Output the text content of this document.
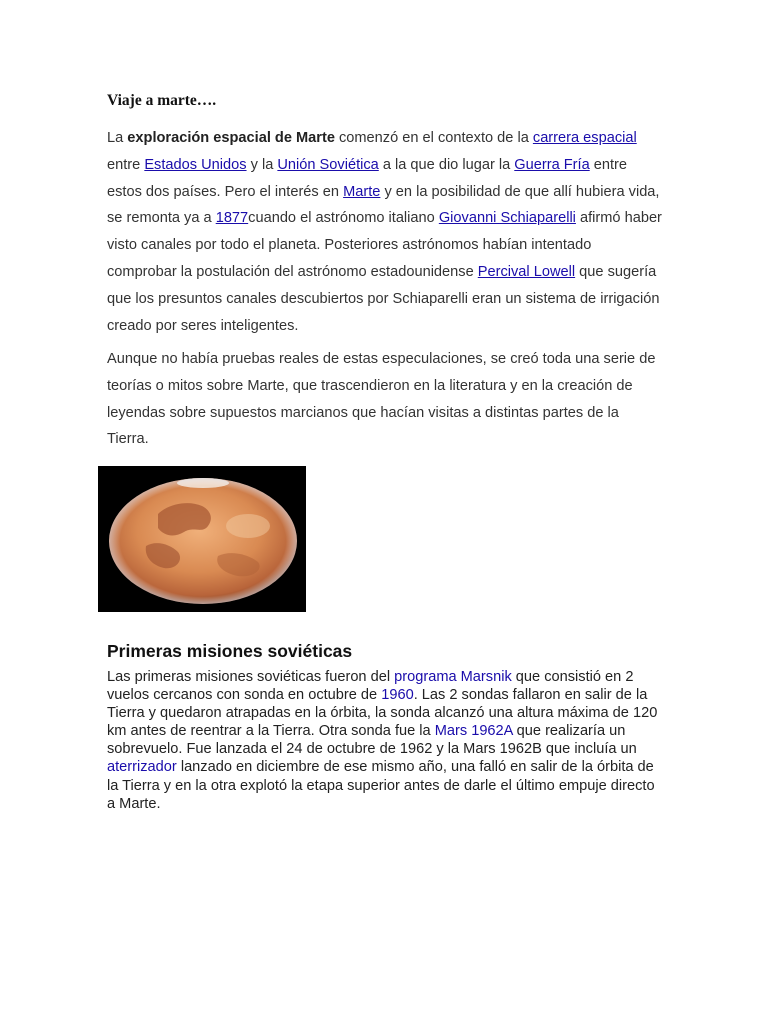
Viaje a marte….

La exploración espacial de Marte comenzó en el contexto de la carrera espacial entre Estados Unidos y la Unión Soviética a la que dio lugar la Guerra Fría entre estos dos países. Pero el interés en Marte y en la posibilidad de que allí hubiera vida, se remonta ya a 1877cuando el astrónomo italiano Giovanni Schiaparelli afirmó haber visto canales por todo el planeta. Posteriores astrónomos habían intentado comprobar la postulación del astrónomo estadounidense Percival Lowell que sugería que los presuntos canales descubiertos por Schiaparelli eran un sistema de irrigación creado por seres inteligentes.

Aunque no había pruebas reales de estas especulaciones, se creó toda una serie de teorías o mitos sobre Marte, que trascendieron en la literatura y en la creación de leyendas sobre supuestos marcianos que hacían visitas a distintas partes de la Tierra.

Primeras misiones soviéticas

Las primeras misiones soviéticas fueron del programa Marsnik que consistió en 2 vuelos cercanos con sonda en octubre de 1960. Las 2 sondas fallaron en salir de la Tierra y quedaron atrapadas en la órbita, la sonda alcanzó una altura máxima de 120 km antes de reentrar a la Tierra. Otra sonda fue la Mars 1962A que realizaría un sobrevuelo. Fue lanzada el 24 de octubre de 1962 y la Mars 1962B que incluía un aterrizador lanzado en diciembre de ese mismo año, una falló en salir de la órbita de la Tierra y en la otra explotó la etapa superior antes de darle el último empuje directo a Marte.
